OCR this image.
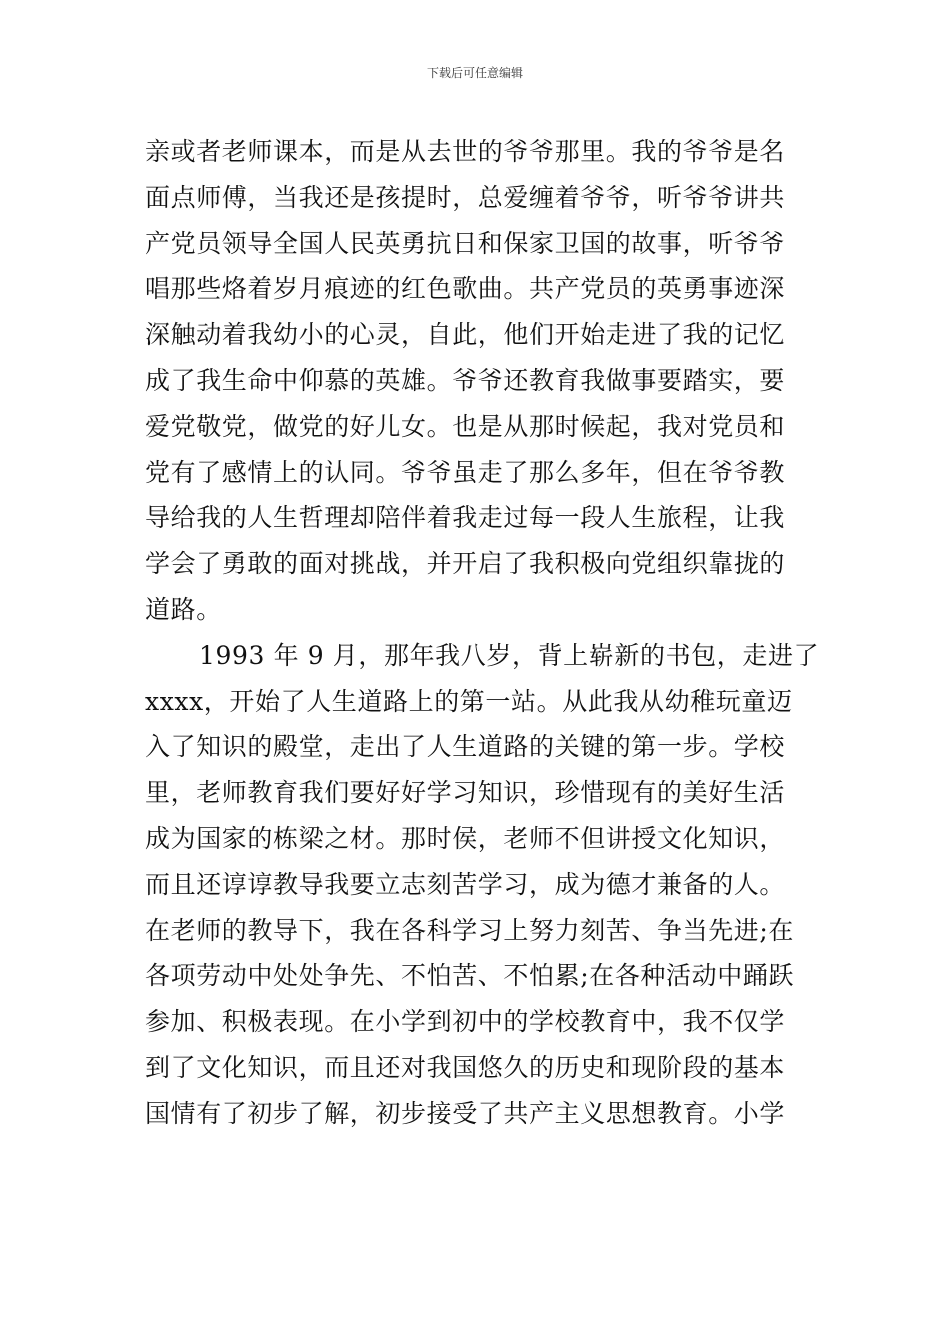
下载后可任意编辑
亲或者老师课本，而是从去世的爷爷那里。我的爷爷是名
面点师傅，当我还是孩提时，总爱缠着爷爷，听爷爷讲共
产党员领导全国人民英勇抗日和保家卫国的故事，听爷爷
唱那些烙着岁月痕迹的红色歌曲。共产党员的英勇事迹深
深触动着我幼小的心灵，自此，他们开始走进了我的记忆
成了我生命中仰慕的英雄。爷爷还教育我做事要踏实，要
爱党敬党，做党的好儿女。也是从那时候起，我对党员和
党有了感情上的认同。爷爷虽走了那么多年，但在爷爷教
导给我的人生哲理却陪伴着我走过每一段人生旅程，让我
学会了勇敢的面对挑战，并开启了我积极向党组织靠拢的
道路。
1993 年 9 月，那年我八岁，背上崭新的书包，走进了
xxxx，开始了人生道路上的第一站。从此我从幼稚玩童迈
入了知识的殿堂，走出了人生道路的关键的第一步。学校
里，老师教育我们要好好学习知识，珍惜现有的美好生活
成为国家的栋梁之材。那时侯，老师不但讲授文化知识，
而且还谆谆教导我要立志刻苦学习，成为德才兼备的人。
在老师的教导下，我在各科学习上努力刻苦、争当先进;在
各项劳动中处处争先、不怕苦、不怕累;在各种活动中踊跃
参加、积极表现。在小学到初中的学校教育中，我不仅学
到了文化知识，而且还对我国悠久的历史和现阶段的基本
国情有了初步了解，初步接受了共产主义思想教育。小学
